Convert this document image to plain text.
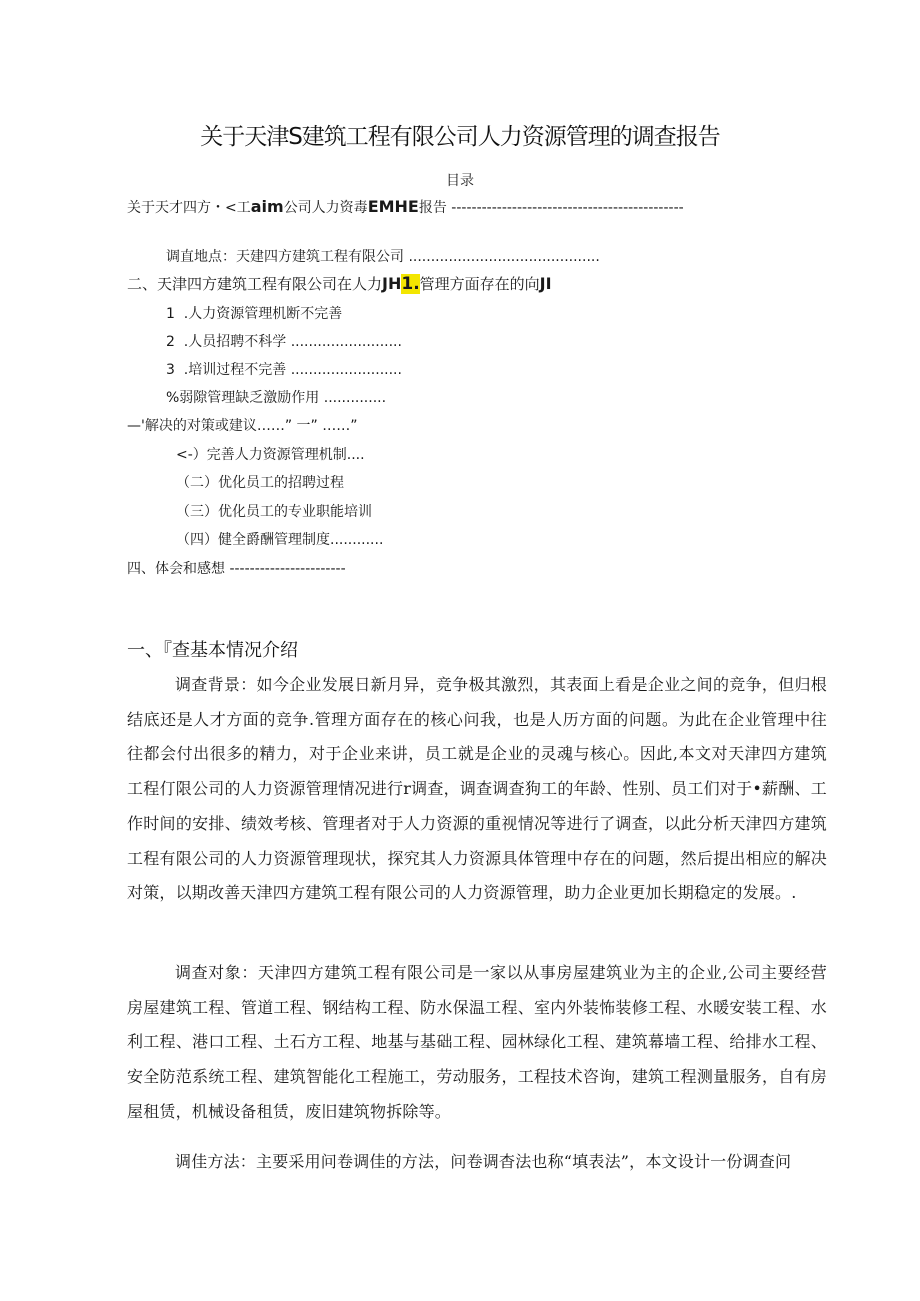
关于天津S建筑工程有限公司人力资源管理的调查报告
目录
关于天才四方・<工aim公司人力资毒EMHE报告 ----------------------------------------------
调直地点：天建四方建筑工程有限公司 ...........................................
二、天津四方建筑工程有限公司在人力JH1.管理方面存在的向JI
1  .人力资源管理机断不完善
2  .人员招聘不科学 .........................
3  .培训过程不完善 .........................
%弱隙管理缺乏激励作用 ..............
—'解决的对策或建议……” 一” ……”
<-）完善人力资源管理机制....
（二）优化员工的招聘过程
（三）优化员工的专业职能培训
（四）健全爵酬管理制度............
四、体会和感想 -----------------------
一、『查基本情况介绍
调查背景：如今企业发展日新月异，竞争极其激烈，其表面上看是企业之间的竞争，但归根结底还是人才方面的竞争.管理方面存在的核心问我，也是人历方面的问题。为此在企业管理中往往都会付出很多的精力，对于企业来讲，员工就是企业的灵魂与核心。因此,本文对天津四方建筑工程仃限公司的人力资源管理情况进行r调查，调查调查狗工的年龄、性别、员工们对于•薪酬、工作时间的安排、绩效考核、管理者对于人力资源的重视情况等进行了调查，以此分析天津四方建筑工程有限公司的人力资源管理现状，探究其人力资源具体管理中存在的问题，然后提出相应的解决对策，以期改善天津四方建筑工程有限公司的人力资源管理，助力企业更加长期稳定的发展。.
调查对象：天津四方建筑工程有限公司是一家以从事房屋建筑业为主的企业,公司主要经营房屋建筑工程、管道工程、钢结构工程、防水保温工程、室内外装怖装修工程、水暖安装工程、水利工程、港口工程、土石方工程、地基与基础工程、园林绿化工程、建筑幕墙工程、给排水工程、安全防范系统工程、建筑智能化工程施工，劳动服务，工程技术咨询，建筑工程测量服务，自有房屋租赁，机械设备租赁，废旧建筑物拆除等。
调佳方法：主要采用问卷调佳的方法，问卷调杳法也称“填表法”，本文设计一份调查问
